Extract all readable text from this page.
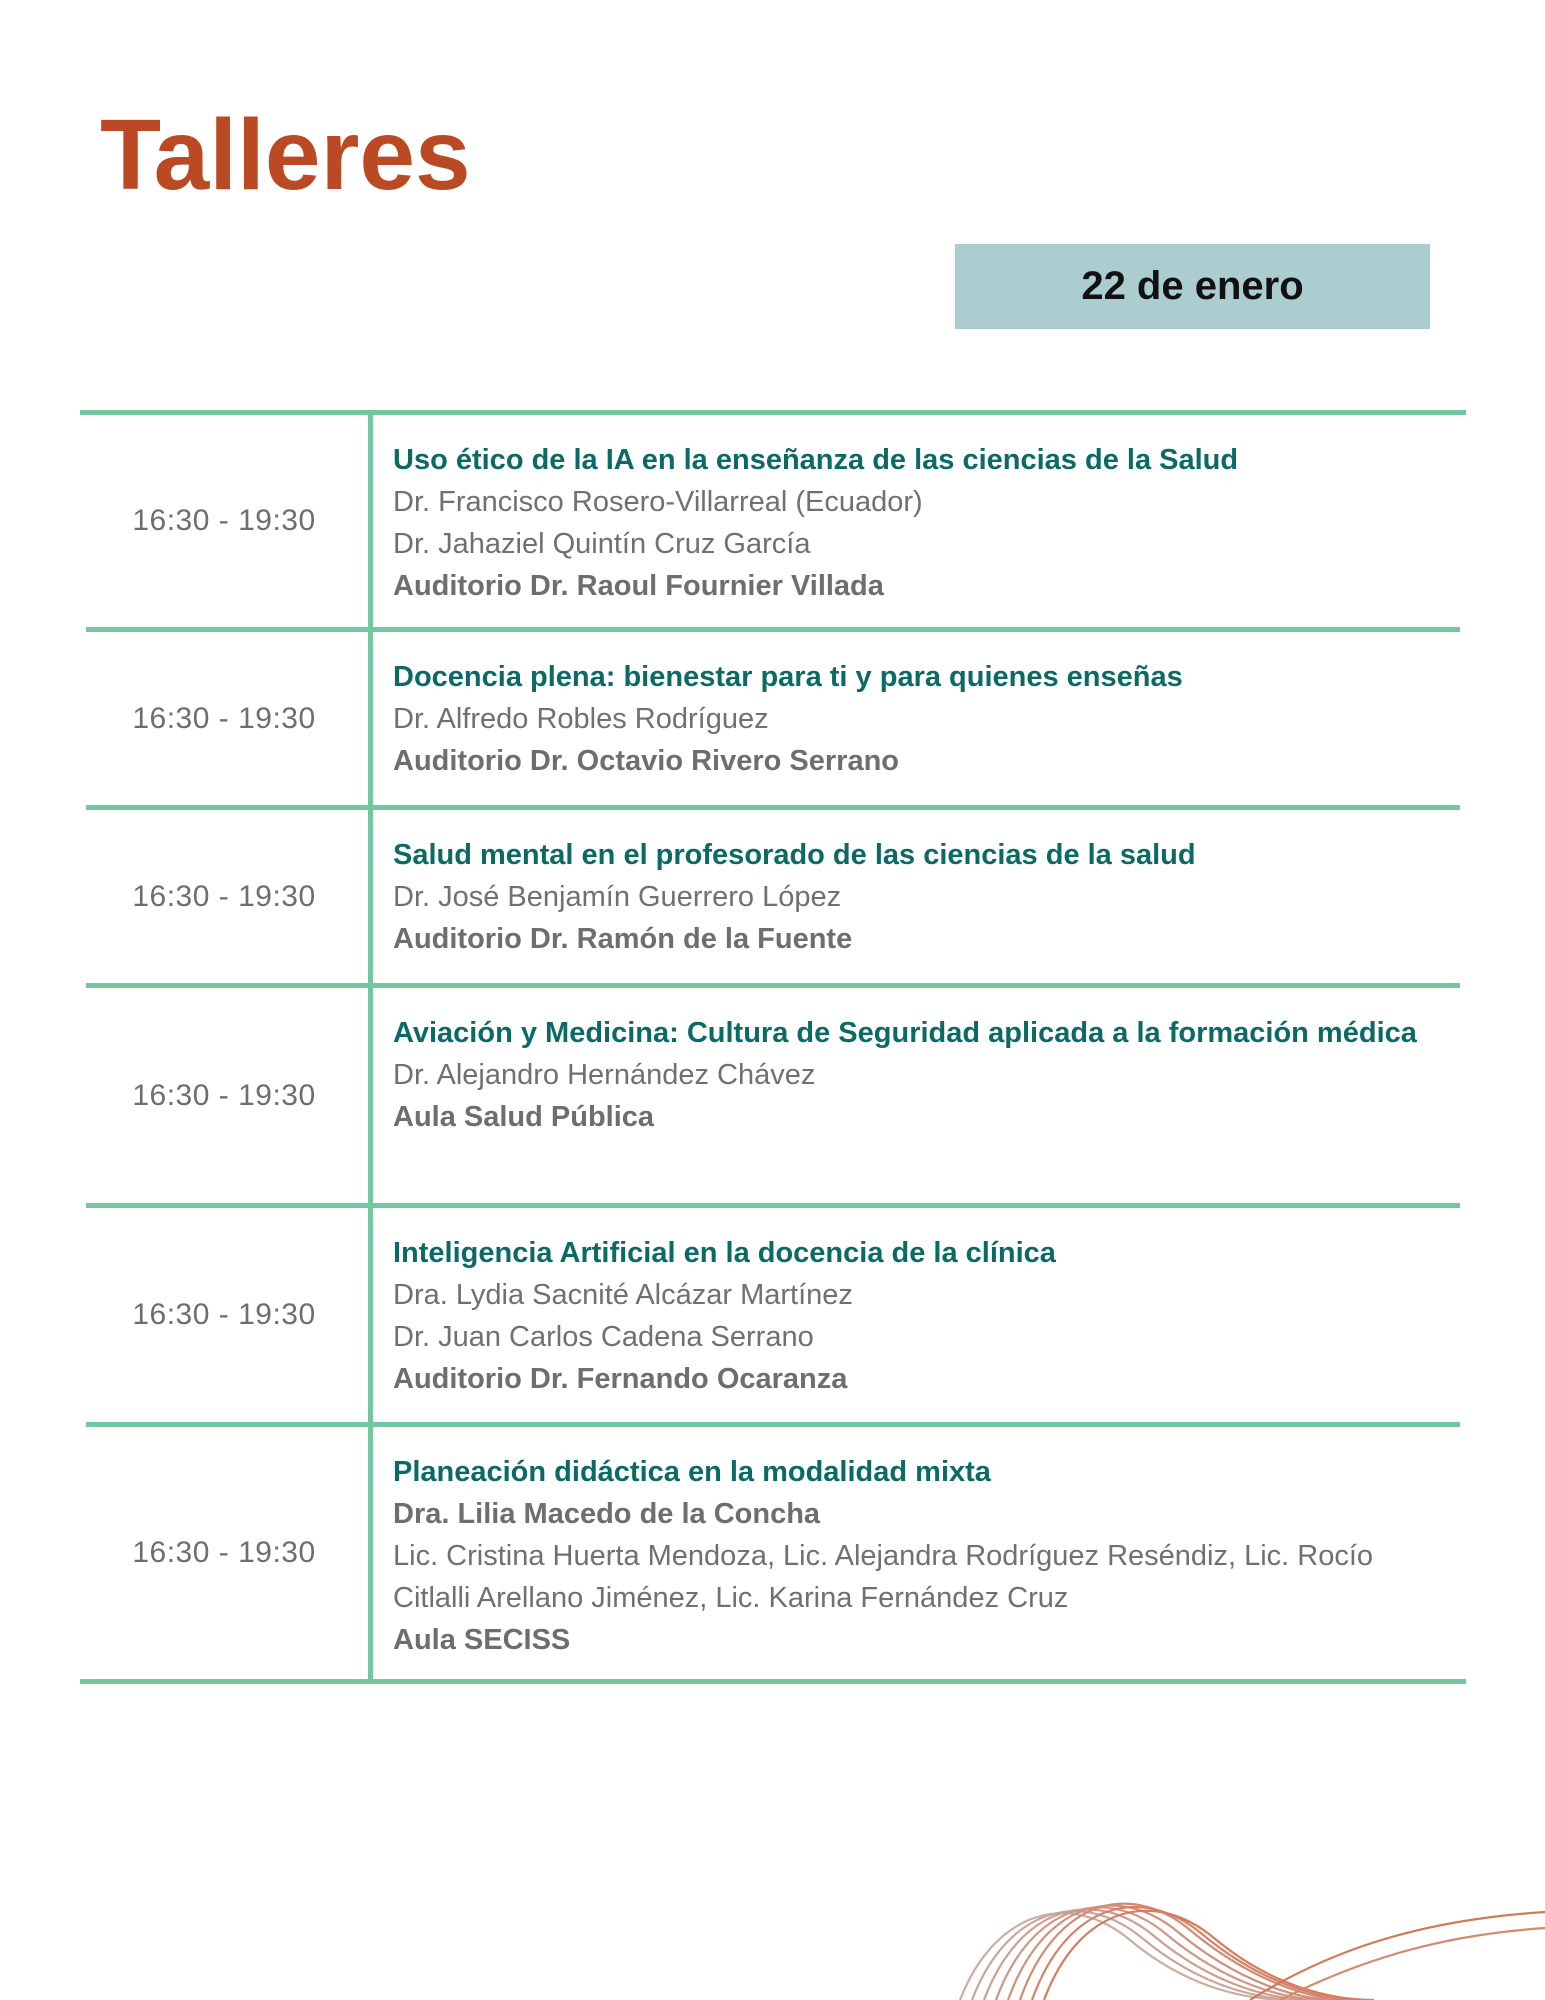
Talleres
22 de enero
16:30 - 19:30
Uso ético de la IA en la enseñanza de las ciencias de la Salud
Dr. Francisco Rosero-Villarreal (Ecuador)
Dr. Jahaziel Quintín Cruz García
Auditorio Dr. Raoul Fournier Villada
16:30 - 19:30
Docencia plena: bienestar para ti y para quienes enseñas
Dr. Alfredo Robles Rodríguez
Auditorio Dr. Octavio Rivero Serrano
16:30 - 19:30
Salud mental en el profesorado de las ciencias de la salud
Dr. José Benjamín Guerrero López
Auditorio Dr. Ramón de la Fuente
16:30 - 19:30
Aviación y Medicina: Cultura de Seguridad aplicada a la formación médica
Dr. Alejandro Hernández Chávez
Aula Salud Pública
16:30 - 19:30
Inteligencia Artificial en la docencia de la clínica
Dra. Lydia Sacnité Alcázar Martínez
Dr. Juan Carlos Cadena Serrano
Auditorio Dr. Fernando Ocaranza
16:30 - 19:30
Planeación didáctica en la modalidad mixta
Dra. Lilia Macedo de la Concha
Lic. Cristina Huerta Mendoza, Lic. Alejandra Rodríguez Reséndiz, Lic. Rocío Citlalli Arellano Jiménez, Lic. Karina Fernández Cruz
Aula SECISS
